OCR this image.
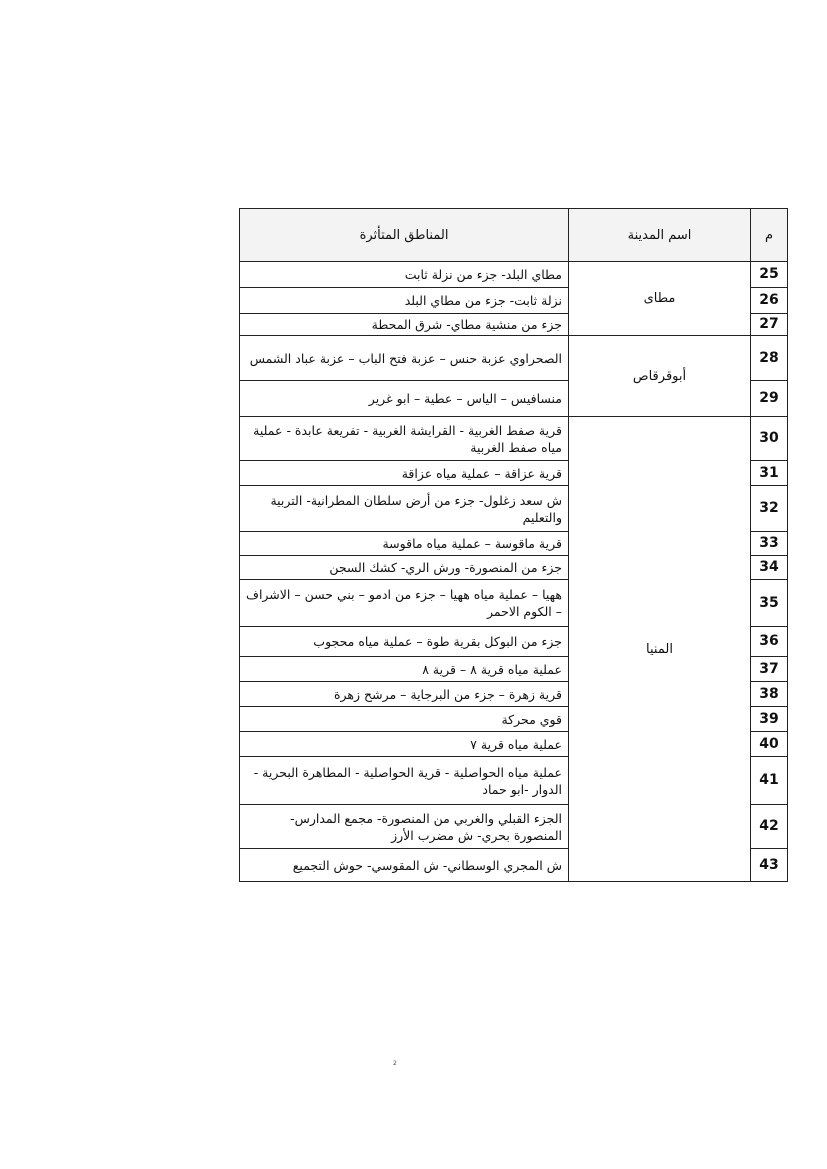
م	اسم المدينة	المناطق المتأثرة
25	مطاى	مطاي البلد- جزء من نزلة ثابت
26		نزلة ثابت- جزء من مطاي البلد
27		جزء من منشية مطاي- شرق المحطة
28	أبوقرقاص	الصحراوي عزبة حنس – عزبة فتح الباب – عزبة عباد الشمس
29		منسافيس – الياس – عطية – ابو غرير
30	المنيا	قرية صفط الغربية - القرايشة الغربية - تفريعة عابدة - عملية مياه صفط الغربية
31		قرية عزاقة – عملية مياه عزاقة
32		ش سعد زغلول- جزء من أرض سلطان المطرانية- التربية والتعليم
33		قرية ماقوسة – عملية مياه ماقوسة
34		جزء من المنصورة- ورش الري- كشك السجن
35		ههيا – عملية مياه ههيا – جزء من ادمو – بني حسن – الاشراف – الكوم الاحمر
36		جزء من البوكل بقرية طوة – عملية مياه محجوب
37		عملية مياه قرية ٨ – قرية ٨
38		قرية زهرة – جزء من البرجاية – مرشح زهرة
39		قوي محركة
40		عملية مياه قرية ٧
41		عملية مياه الحواصلية - قرية الحواصلية - المطاهرة البحرية - الدوار -ابو حماد
42		الجزء القبلي والغربي من المنصورة- مجمع المدارس- المنصورة بحري- ش مضرب الأرز
43		ش المجري الوسطاني- ش المقوسي- حوش التجميع
2
